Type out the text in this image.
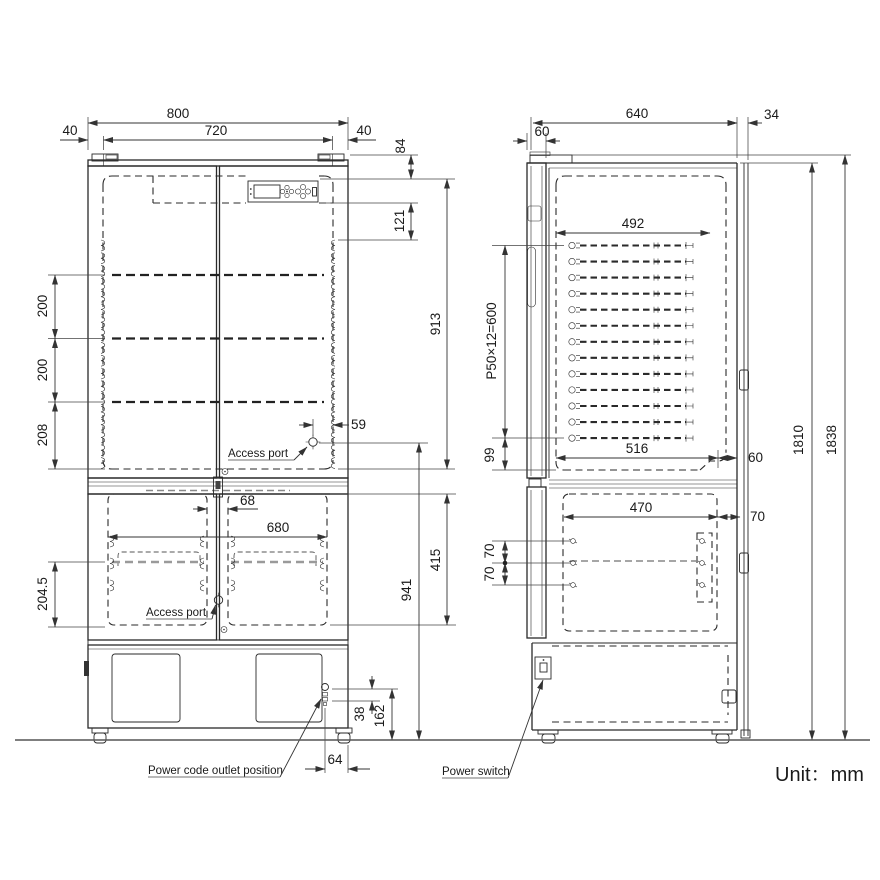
800
720
40	40
84
121
913
200
200
208	59
941
415
68
680
204.5
38 162
64
640	34
60
492
P50×12=600
99	516
60
470
70
70
70
1810 1838
Access port
Access port
Power code outlet position	Power switch	Unit：mm
